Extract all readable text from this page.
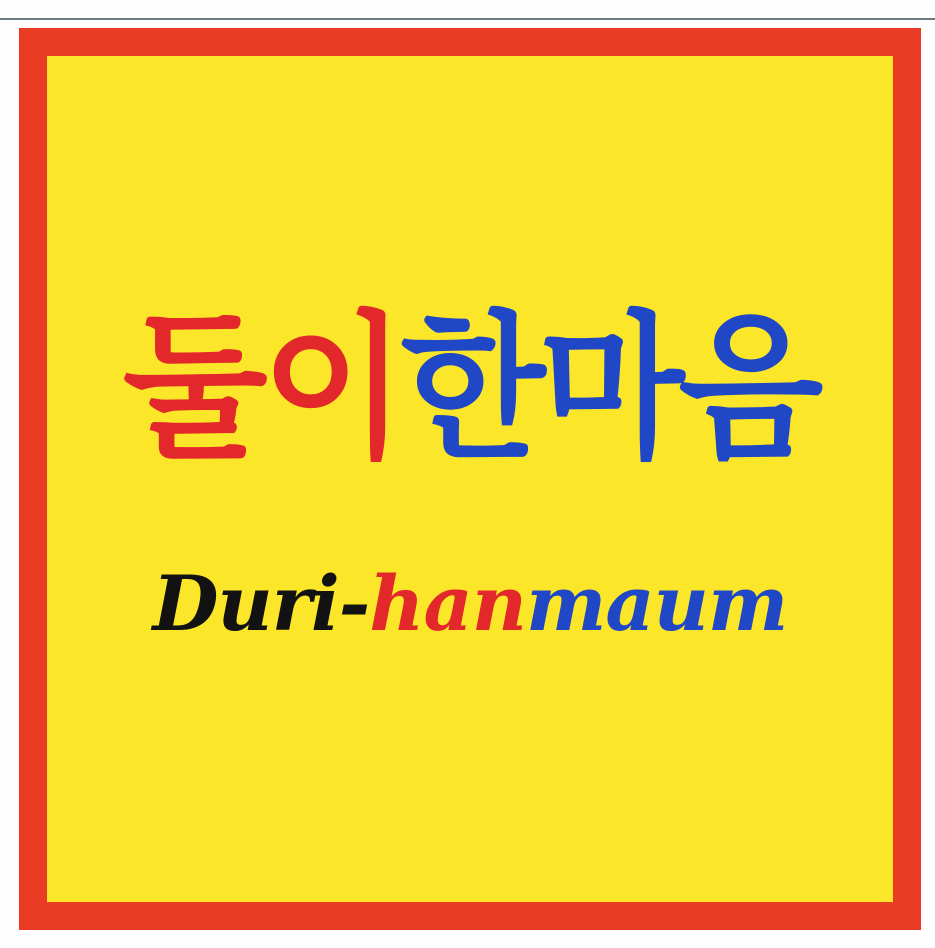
둘이한마음
Duri-hanmaum
